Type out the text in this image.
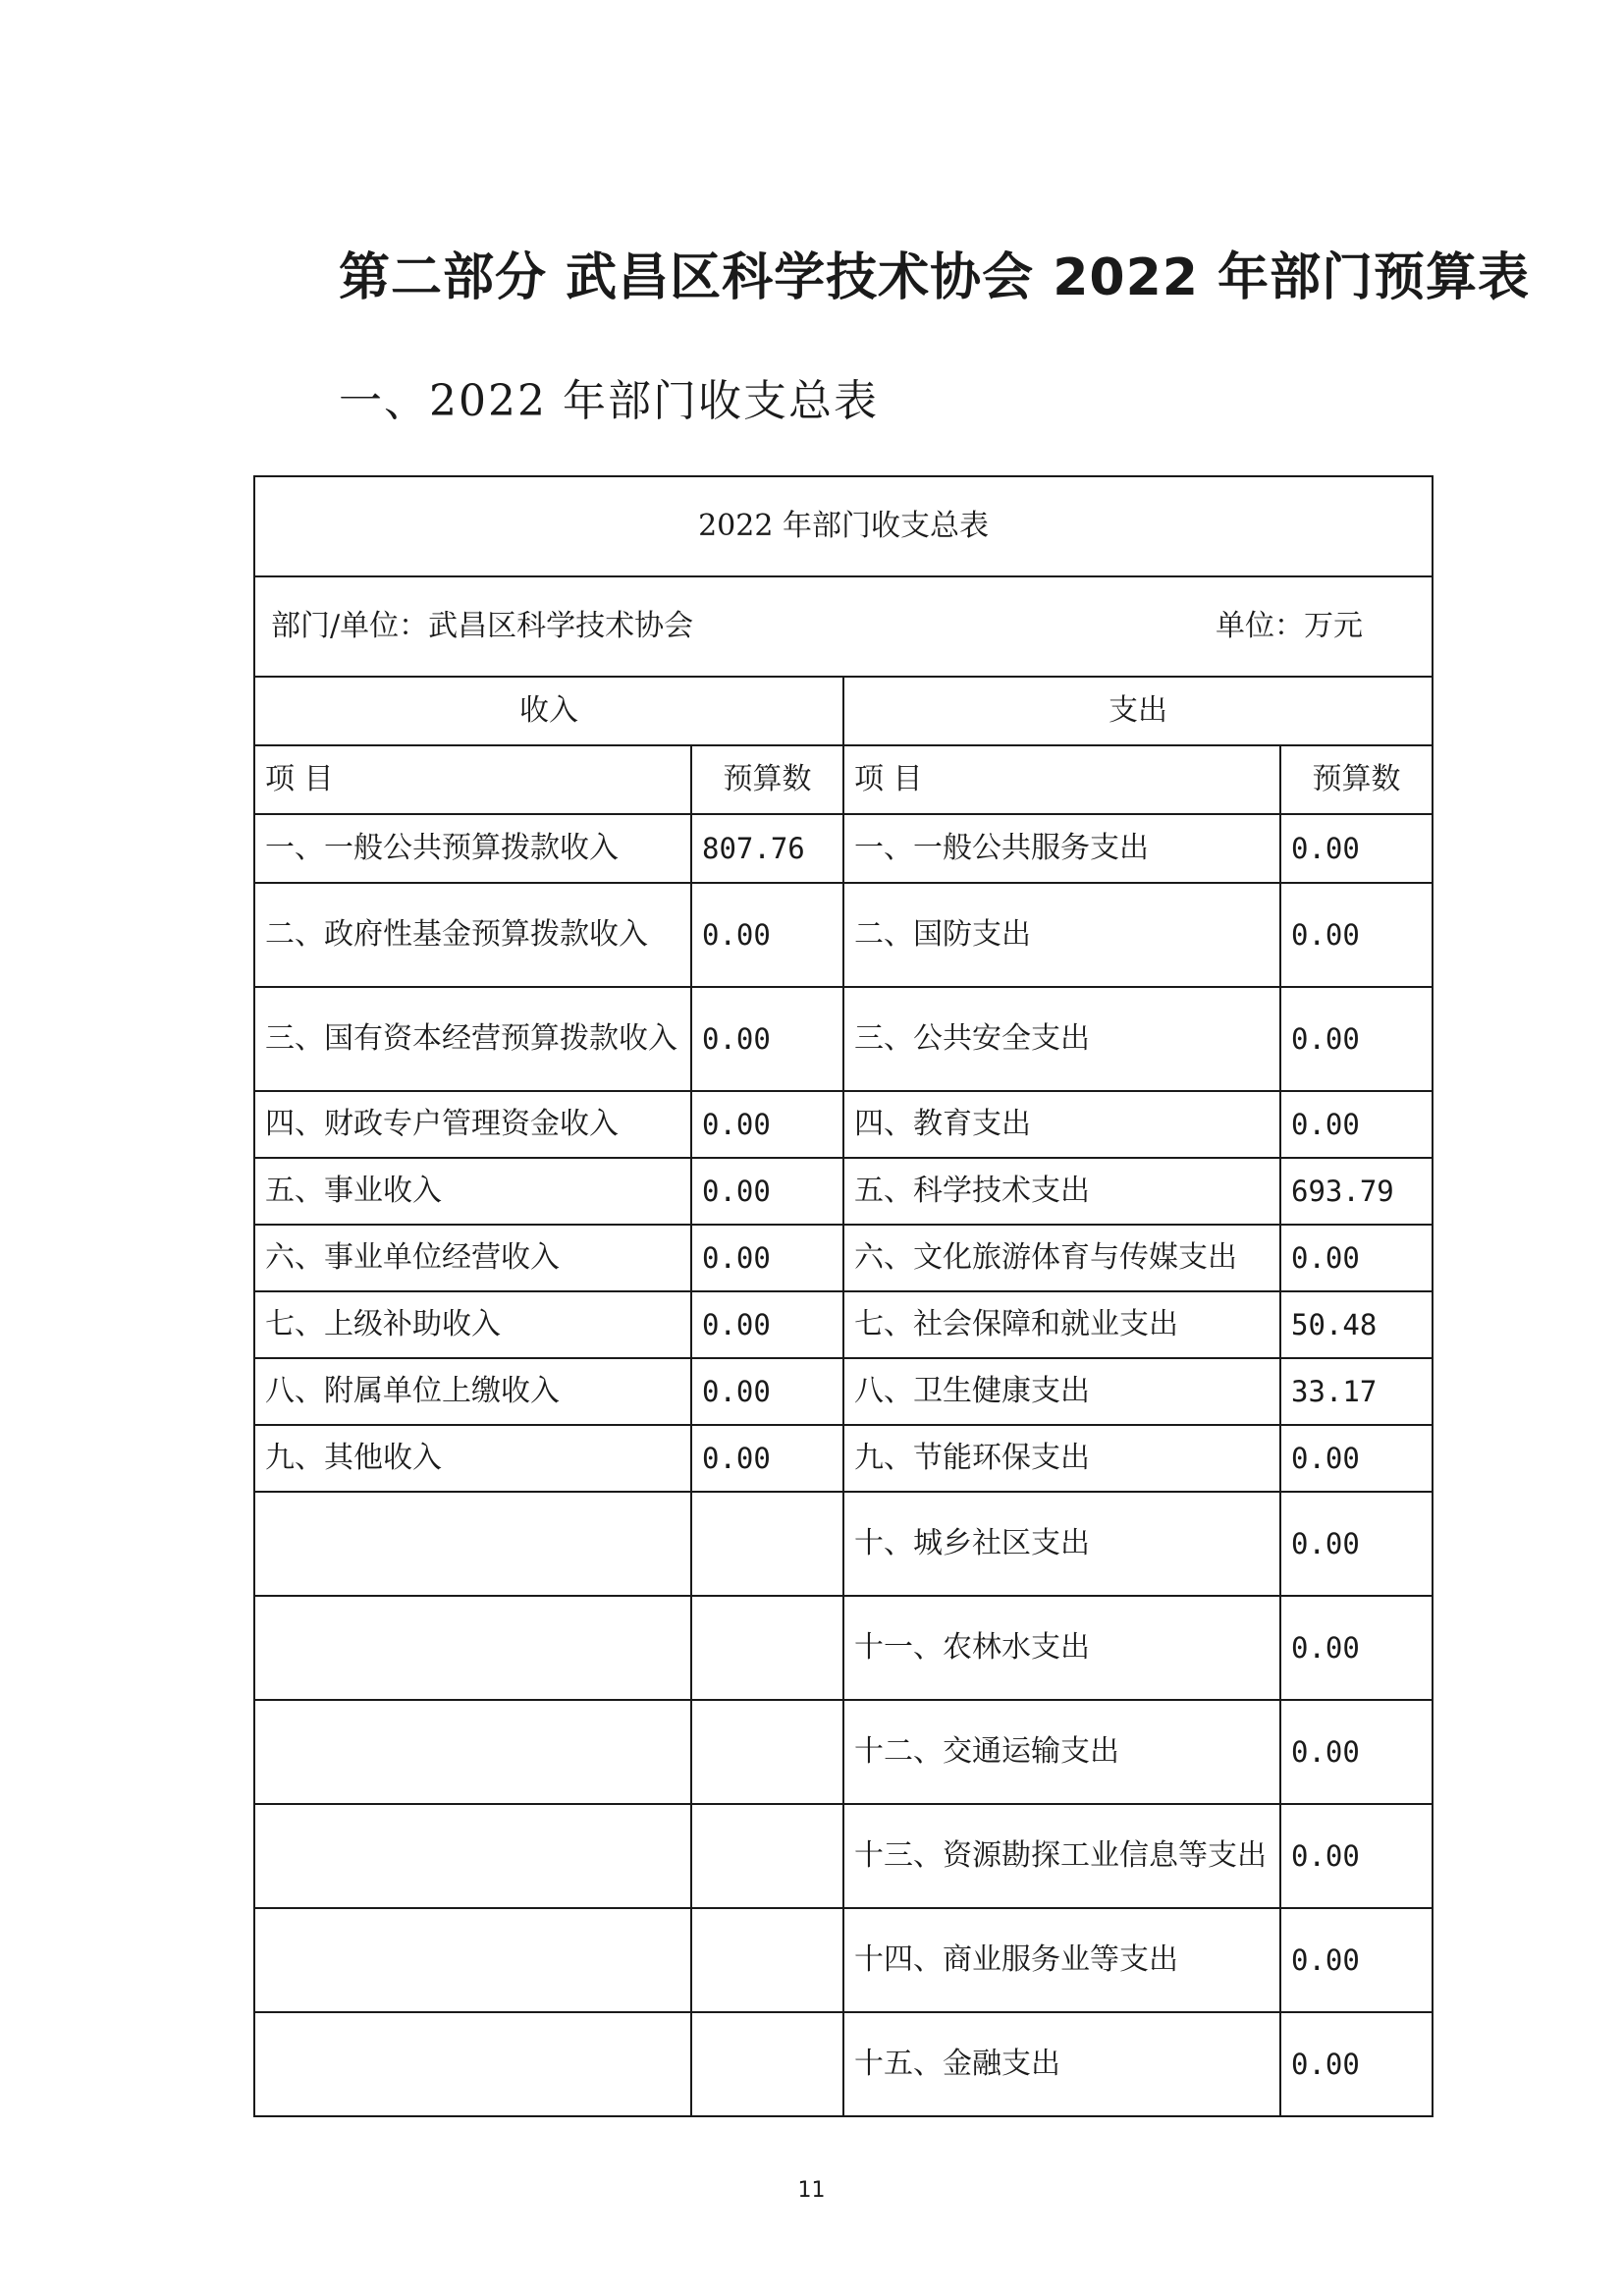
第二部分 武昌区科学技术协会 2022 年部门预算表
一、2022 年部门收支总表
2022 年部门收支总表			

部门/单位：武昌区科学技术协会 单位：万元			

收入		支出	
项 目	预算数	项 目	预算数
一、一般公共预算拨款收入	807.76	一、一般公共服务支出	0.00
二、政府性基金预算拨款收入	0.00	二、国防支出	0.00
三、国有资本经营预算拨款收入	0.00	三、公共安全支出	0.00
四、财政专户管理资金收入	0.00	四、教育支出	0.00
五、事业收入	0.00	五、科学技术支出	693.79
六、事业单位经营收入	0.00	六、文化旅游体育与传媒支出	0.00
七、上级补助收入	0.00	七、社会保障和就业支出	50.48
八、附属单位上缴收入	0.00	八、卫生健康支出	33.17
九、其他收入	0.00	九、节能环保支出	0.00
		十、城乡社区支出	0.00
		十一、农林水支出	0.00
		十二、交通运输支出	0.00
		十三、资源勘探工业信息等支出	0.00
		十四、商业服务业等支出	0.00
		十五、金融支出	0.00
11
